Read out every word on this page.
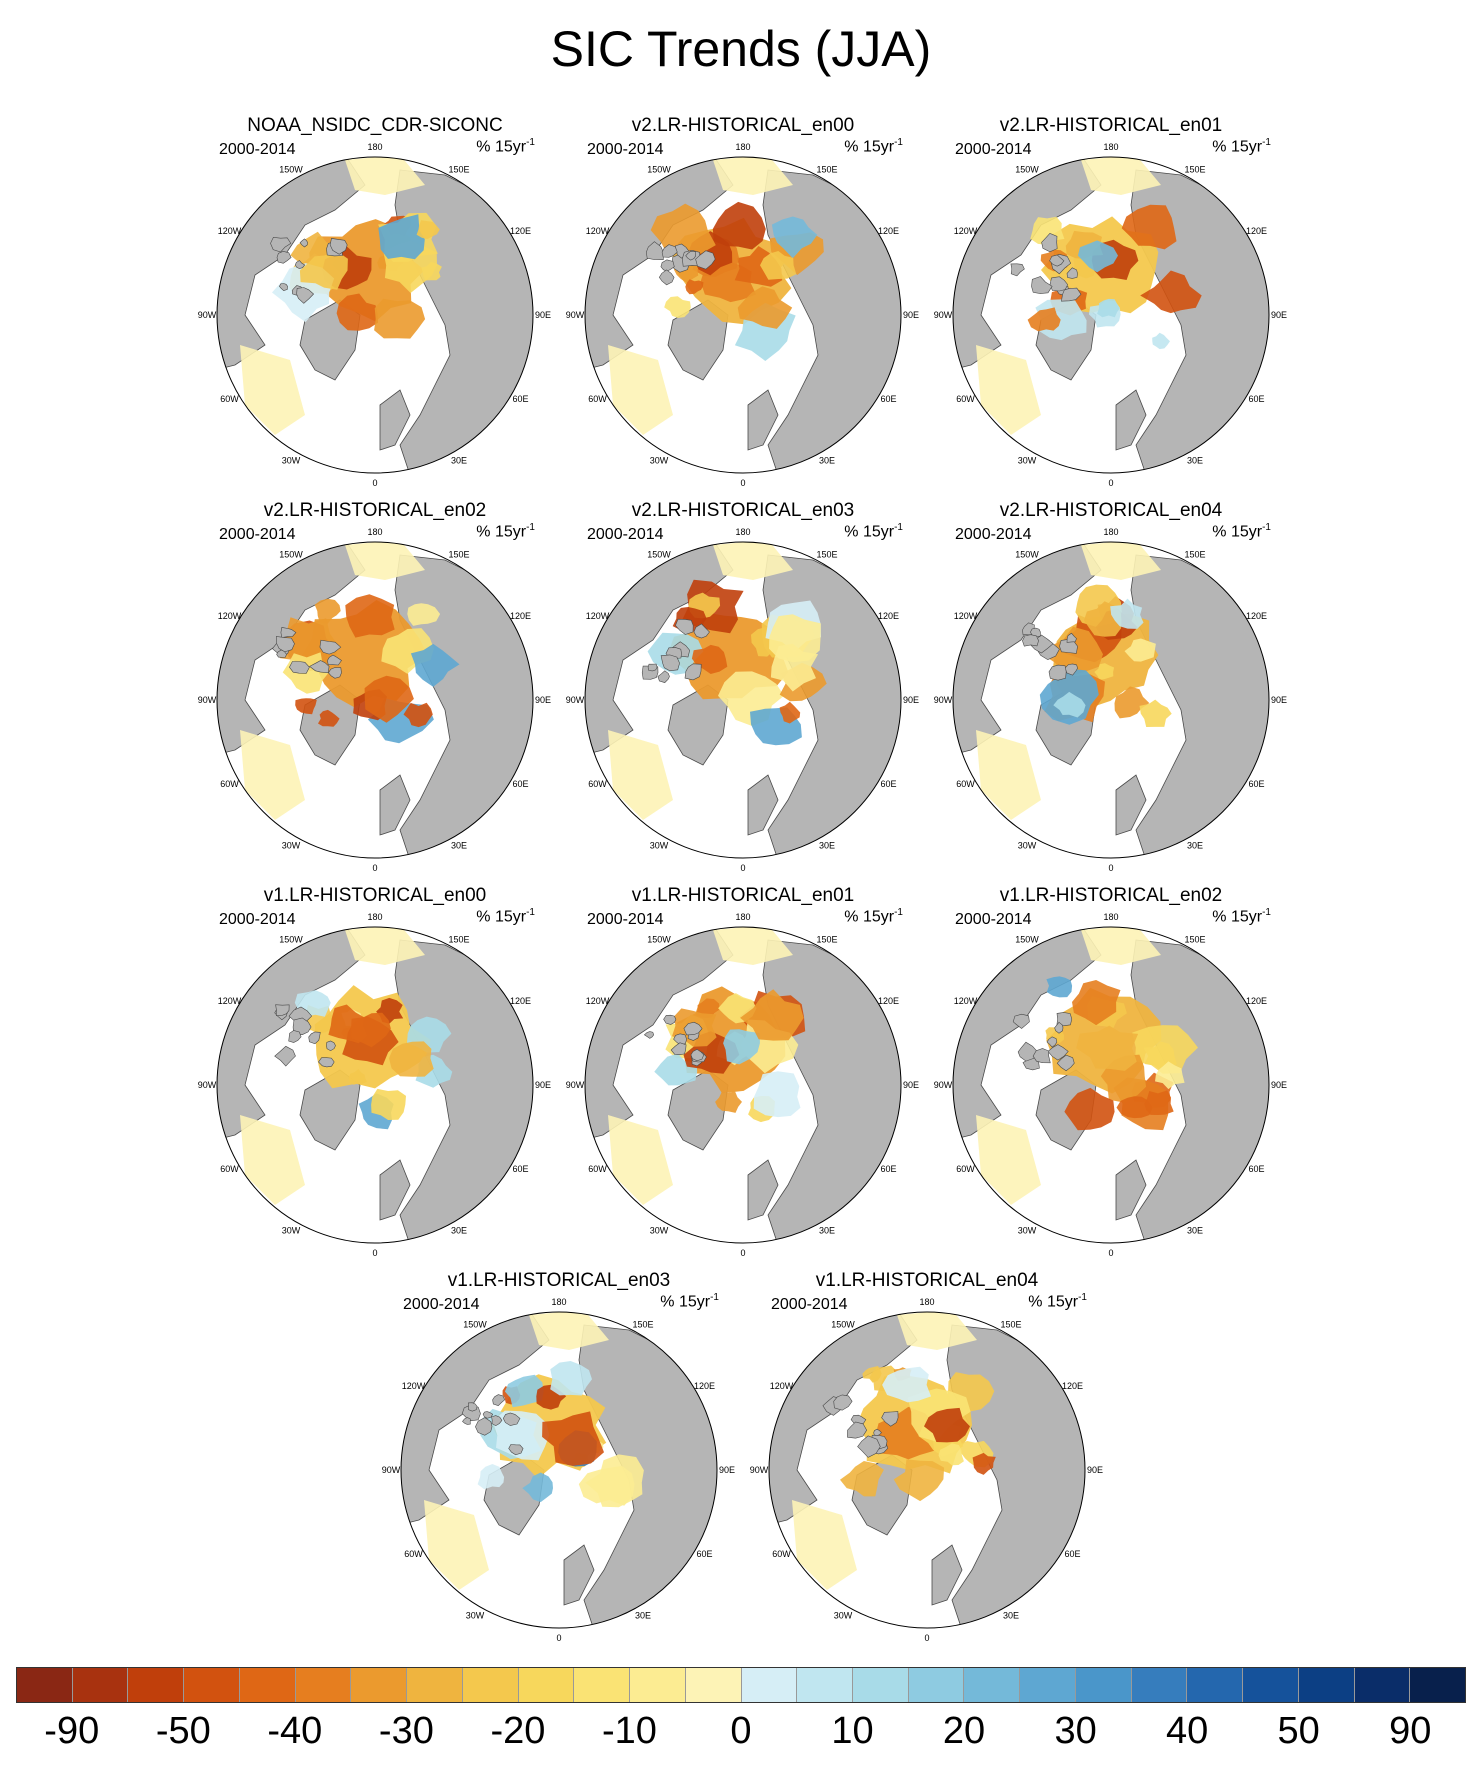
SIC Trends (JJA)
180
150E
120E
90E
60E
30E
0
30W
60W
90W
120W
150W
NOAA_NSIDC_CDR-SICONC
2000-2014	% $15yr^{-1}$	180
150E
120E
90E
60E
30E
0
30W
60W
90W
120W
150W
v2.LR-HISTORICAL_en00
2000-2014	% $15yr^{-1}$	180
150E
120E
90E
60E
30E
0
30W
60W
90W
120W
150W
v2.LR-HISTORICAL_en01
2000-2014	% $15yr^{-1}$
180
150E
120E
90E
60E
30E
0
30W
60W
90W
120W
150W
v2.LR-HISTORICAL_en02
2000-2014	% $15yr^{-1}$	180
150E
120E
90E
60E
30E
0
30W
60W
90W
120W
150W
v2.LR-HISTORICAL_en03
2000-2014	% $15yr^{-1}$	180
150E
120E
90E
60E
30E
0
30W
60W
90W
120W
150W
v2.LR-HISTORICAL_en04
2000-2014	% $15yr^{-1}$
180
150E
120E
90E
60E
30E
0
30W
60W
90W
120W
150W
v1.LR-HISTORICAL_en00
2000-2014	% $15yr^{-1}$	180
150E
120E
90E
60E
30E
0
30W
60W
90W
120W
150W
v1.LR-HISTORICAL_en01
2000-2014	% $15yr^{-1}$	180
150E
120E
90E
60E
30E
0
30W
60W
90W
120W
150W
v1.LR-HISTORICAL_en02
2000-2014	% $15yr^{-1}$
180
150E
120E
90E
60E
30E
0
30W
60W
90W
120W
150W
v1.LR-HISTORICAL_en03
2000-2014	% $15yr^{-1}$	180
150E
120E
90E
60E
30E
0
30W
60W
90W
120W
150W
v1.LR-HISTORICAL_en04
2000-2014	% $15yr^{-1}$
-90 -50 -40 -30 -20 -10 0 10 20 30 40 50 90
